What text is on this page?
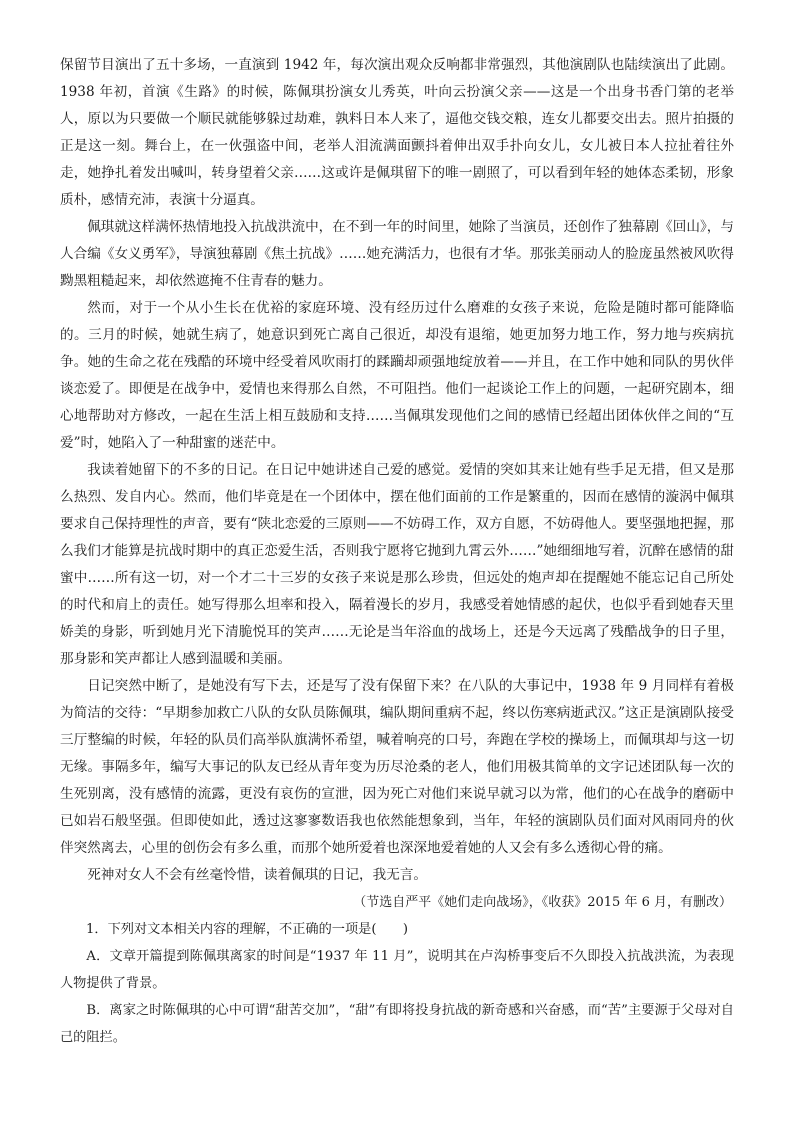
保留节目演出了五十多场，一直演到 1942 年，每次演出观众反响都非常强烈，其他演剧队也陆续演出了此剧。1938 年初，首演《生路》的时候，陈佩琪扮演女儿秀英，叶向云扮演父亲——这是一个出身书香门第的老举人，原以为只要做一个顺民就能够躲过劫难，孰料日本人来了，逼他交钱交粮，连女儿都要交出去。照片拍摄的正是这一刻。舞台上，在一伙强盗中间，老举人泪流满面颤抖着伸出双手扑向女儿，女儿被日本人拉扯着往外走，她挣扎着发出喊叫，转身望着父亲……这或许是佩琪留下的唯一剧照了，可以看到年轻的她体态柔韧，形象质朴，感情充沛，表演十分逼真。

佩琪就这样满怀热情地投入抗战洪流中，在不到一年的时间里，她除了当演员，还创作了独幕剧《回山》，与人合编《女义勇军》，导演独幕剧《焦土抗战》……她充满活力，也很有才华。那张美丽动人的脸庞虽然被风吹得黝黑粗糙起来，却依然遮掩不住青春的魅力。

然而，对于一个从小生长在优裕的家庭环境、没有经历过什么磨难的女孩子来说，危险是随时都可能降临的。三月的时候，她就生病了，她意识到死亡离自己很近，却没有退缩，她更加努力地工作，努力地与疾病抗争。她的生命之花在残酷的环境中经受着风吹雨打的蹂躏却顽强地绽放着——并且，在工作中她和同队的男伙伴谈恋爱了。即便是在战争中，爱情也来得那么自然，不可阻挡。他们一起谈论工作上的问题，一起研究剧本，细心地帮助对方修改，一起在生活上相互鼓励和支持……当佩琪发现他们之间的感情已经超出团体伙伴之间的“互爱”时，她陷入了一种甜蜜的迷茫中。

我读着她留下的不多的日记。在日记中她讲述自己爱的感觉。爱情的突如其来让她有些手足无措，但又是那么热烈、发自内心。然而，他们毕竟是在一个团体中，摆在他们面前的工作是繁重的，因而在感情的漩涡中佩琪要求自己保持理性的声音，要有“陕北恋爱的三原则——不妨碍工作，双方自愿，不妨碍他人。要坚强地把握，那么我们才能算是抗战时期中的真正恋爱生活，否则我宁愿将它抛到九霄云外……”她细细地写着，沉醉在感情的甜蜜中……所有这一切，对一个才二十三岁的女孩子来说是那么珍贵，但远处的炮声却在提醒她不能忘记自己所处的时代和肩上的责任。她写得那么坦率和投入，隔着漫长的岁月，我感受着她情感的起伏，也似乎看到她春天里娇美的身影，听到她月光下清脆悦耳的笑声……无论是当年浴血的战场上，还是今天远离了残酷战争的日子里，那身影和笑声都让人感到温暖和美丽。

日记突然中断了，是她没有写下去，还是写了没有保留下来？在八队的大事记中，1938 年 9 月同样有着极为简洁的交待：“早期参加救亡八队的女队员陈佩琪，编队期间重病不起，终以伤寒病逝武汉。”这正是演剧队接受三厅整编的时候，年轻的队员们高举队旗满怀希望，喊着响亮的口号，奔跑在学校的操场上，而佩琪却与这一切无缘。事隔多年，编写大事记的队友已经从青年变为历尽沧桑的老人，他们用极其简单的文字记述团队每一次的生死别离，没有感情的流露，更没有哀伤的宣泄，因为死亡对他们来说早就习以为常，他们的心在战争的磨砺中已如岩石般坚强。但即使如此，透过这寥寥数语我也依然能想象到，当年，年轻的演剧队员们面对风雨同舟的伙伴突然离去，心里的创伤会有多么重，而那个她所爱着也深深地爱着她的人又会有多么透彻心骨的痛。

死神对女人不会有丝毫怜惜，读着佩琪的日记，我无言。

（节选自严平《她们走向战场》，《收获》2015 年 6 月，有删改）

1．下列对文本相关内容的理解，不正确的一项是(　　)

A．文章开篇提到陈佩琪离家的时间是“1937 年 11 月”，说明其在卢沟桥事变后不久即投入抗战洪流，为表现人物提供了背景。

B．离家之时陈佩琪的心中可谓“甜苦交加”，“甜”有即将投身抗战的新奇感和兴奋感，而“苦”主要源于父母对自己的阻拦。
